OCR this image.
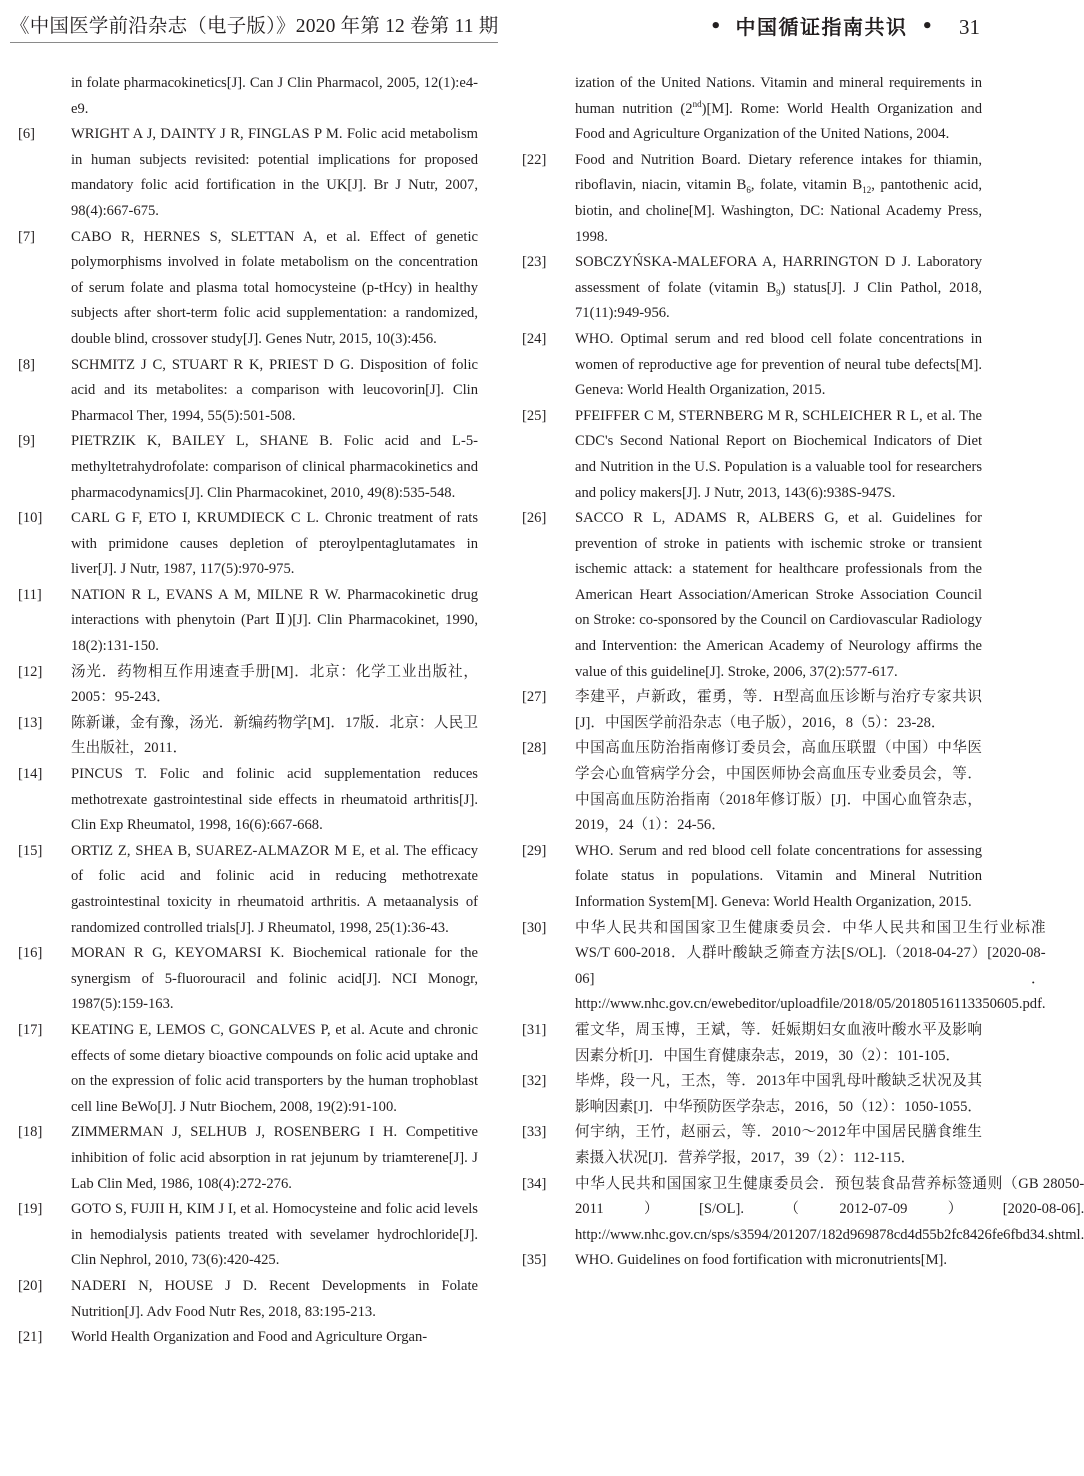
《中国医学前沿杂志（电子版）》2020 年第 12 卷第 11 期	• 中国循证指南共识 • 31
in folate pharmacokinetics[J]. Can J Clin Pharmacol, 2005, 12(1):e4-e9.
[6]	WRIGHT A J, DAINTY J R, FINGLAS P M. Folic acid metabolism in human subjects revisited: potential implications for proposed mandatory folic acid fortification in the UK[J]. Br J Nutr, 2007, 98(4):667-675.
[7]	CABO R, HERNES S, SLETTAN A, et al. Effect of genetic polymorphisms involved in folate metabolism on the concentration of serum folate and plasma total homocysteine (p-tHcy) in healthy subjects after short-term folic acid supplementation: a randomized, double blind, crossover study[J]. Genes Nutr, 2015, 10(3):456.
[8]	SCHMITZ J C, STUART R K, PRIEST D G. Disposition of folic acid and its metabolites: a comparison with leucovorin[J]. Clin Pharmacol Ther, 1994, 55(5):501-508.
[9]	PIETRZIK K, BAILEY L, SHANE B. Folic acid and L-5-methyltetrahydrofolate: comparison of clinical pharmacokinetics and pharmacodynamics[J]. Clin Pharmacokinet, 2010, 49(8):535-548.
[10]	CARL G F, ETO I, KRUMDIECK C L. Chronic treatment of rats with primidone causes depletion of pteroylpentaglutamates in liver[J]. J Nutr, 1987, 117(5):970-975.
[11]	NATION R L, EVANS A M, MILNE R W. Pharmacokinetic drug interactions with phenytoin (Part Ⅱ)[J]. Clin Pharmacokinet, 1990, 18(2):131-150.
[12]	汤光．药物相互作用速查手册[M]．北京：化学工业出版社，2005：95-243．
[13]	陈新谦，金有豫，汤光．新编药物学[M]．17版．北京：人民卫生出版社，2011．
[14]	PINCUS T. Folic and folinic acid supplementation reduces methotrexate gastrointestinal side effects in rheumatoid arthritis[J]. Clin Exp Rheumatol, 1998, 16(6):667-668.
[15]	ORTIZ Z, SHEA B, SUAREZ-ALMAZOR M E, et al. The efficacy of folic acid and folinic acid in reducing methotrexate gastrointestinal toxicity in rheumatoid arthritis. A metaanalysis of randomized controlled trials[J]. J Rheumatol, 1998, 25(1):36-43.
[16]	MORAN R G, KEYOMARSI K. Biochemical rationale for the synergism of 5-fluorouracil and folinic acid[J]. NCI Monogr, 1987(5):159-163.
[17]	KEATING E, LEMOS C, GONCALVES P, et al. Acute and chronic effects of some dietary bioactive compounds on folic acid uptake and on the expression of folic acid transporters by the human trophoblast cell line BeWo[J]. J Nutr Biochem, 2008, 19(2):91-100.
[18]	ZIMMERMAN J, SELHUB J, ROSENBERG I H. Competitive inhibition of folic acid absorption in rat jejunum by triamterene[J]. J Lab Clin Med, 1986, 108(4):272-276.
[19]	GOTO S, FUJII H, KIM J I, et al. Homocysteine and folic acid levels in hemodialysis patients treated with sevelamer hydrochloride[J]. Clin Nephrol, 2010, 73(6):420-425.
[20]	NADERI N, HOUSE J D. Recent Developments in Folate Nutrition[J]. Adv Food Nutr Res, 2018, 83:195-213.
[21]	World Health Organization and Food and Agriculture Organ-
ization of the United Nations. Vitamin and mineral requirements in human nutrition (2nd)[M]. Rome: World Health Organization and Food and Agriculture Organization of the United Nations, 2004.
[22]	Food and Nutrition Board. Dietary reference intakes for thiamin, riboflavin, niacin, vitamin $B_6$, folate, vitamin $B_{12}$, pantothenic acid, biotin, and choline[M]. Washington, DC: National Academy Press, 1998.
[23]	SOBCZYŃSKA-MALEFORA A, HARRINGTON D J. Laboratory assessment of folate (vitamin $B_9$) status[J]. J Clin Pathol, 2018, 71(11):949-956.
[24]	WHO. Optimal serum and red blood cell folate concentrations in women of reproductive age for prevention of neural tube defects[M]. Geneva: World Health Organization, 2015.
[25]	PFEIFFER C M, STERNBERG M R, SCHLEICHER R L, et al. The CDC's Second National Report on Biochemical Indicators of Diet and Nutrition in the U.S. Population is a valuable tool for researchers and policy makers[J]. J Nutr, 2013, 143(6):938S-947S.
[26]	SACCO R L, ADAMS R, ALBERS G, et al. Guidelines for prevention of stroke in patients with ischemic stroke or transient ischemic attack: a statement for healthcare professionals from the American Heart Association/American Stroke Association Council on Stroke: co-sponsored by the Council on Cardiovascular Radiology and Intervention: the American Academy of Neurology affirms the value of this guideline[J]. Stroke, 2006, 37(2):577-617.
[27]	李建平，卢新政，霍勇，等．H型高血压诊断与治疗专家共识[J]．中国医学前沿杂志（电子版），2016，8（5）：23-28．
[28]	中国高血压防治指南修订委员会，高血压联盟（中国）中华医学会心血管病学分会，中国医师协会高血压专业委员会，等．中国高血压防治指南（2018年修订版）[J]．中国心血管杂志，2019，24（1）：24-56．
[29]	WHO. Serum and red blood cell folate concentrations for assessing folate status in populations. Vitamin and Mineral Nutrition Information System[M]. Geneva: World Health Organization, 2015.
[30]	中华人民共和国国家卫生健康委员会．中华人民共和国卫生行业标准 WS/T 600-2018．人群叶酸缺乏筛查方法[S/OL].（2018-04-27）[2020-08-06]．http://www.nhc.gov.cn/ewebeditor/uploadfile/2018/05/20180516113350605.pdf.
[31]	霍文华，周玉博，王斌，等．妊娠期妇女血液叶酸水平及影响因素分析[J]．中国生育健康杂志，2019，30（2）：101-105．
[32]	毕烨，段一凡，王杰，等．2013年中国乳母叶酸缺乏状况及其影响因素[J]．中华预防医学杂志，2016，50（12）：1050-1055．
[33]	何宇纳，王竹，赵丽云，等．2010～2012年中国居民膳食维生素摄入状况[J]．营养学报，2017，39（2）：112-115．
[34]	中华人民共和国国家卫生健康委员会．预包装食品营养标签通则（GB 28050-2011）[S/OL].（2012-07-09）[2020-08-06]. http://www.nhc.gov.cn/sps/s3594/201207/182d969878cd4d55b2fc8426fe6fbd34.shtml.
[35]	WHO. Guidelines on food fortification with micronutrients[M].
